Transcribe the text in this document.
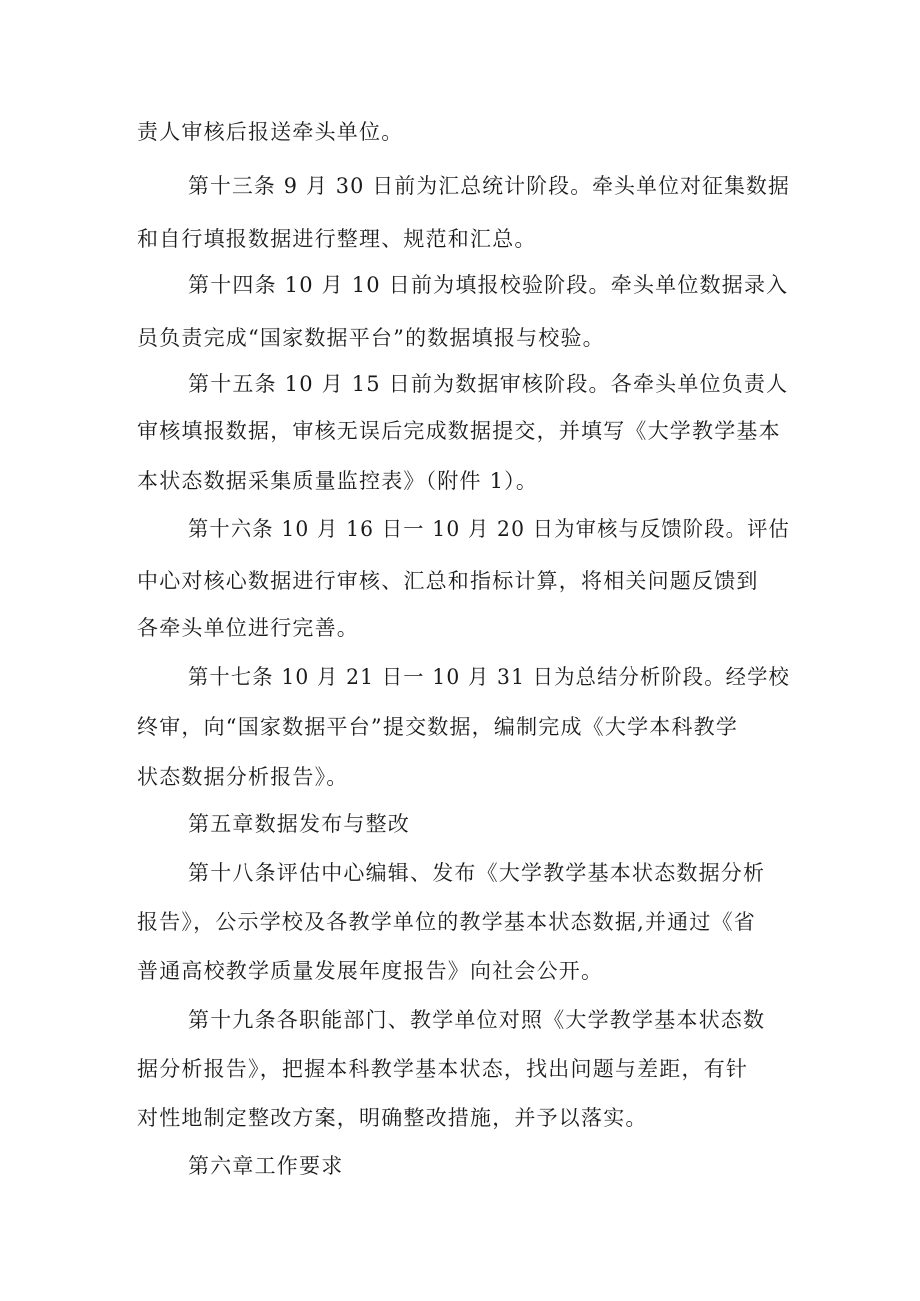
责人审核后报送牵头单位。
第十三条 9 月 30 日前为汇总统计阶段。牵头单位对征集数据
和自行填报数据进行整理、规范和汇总。
第十四条 10 月 10 日前为填报校验阶段。牵头单位数据录入
员负责完成“国家数据平台”的数据填报与校验。
第十五条 10 月 15 日前为数据审核阶段。各牵头单位负责人
审核填报数据，审核无误后完成数据提交，并填写《大学教学基本
本状态数据采集质量监控表》（附件 1）。
第十六条 10 月 16 日一 10 月 20 日为审核与反馈阶段。评估
中心对核心数据进行审核、汇总和指标计算，将相关问题反馈到
各牵头单位进行完善。
第十七条 10 月 21 日一 10 月 31 日为总结分析阶段。经学校
终审，向“国家数据平台”提交数据，编制完成《大学本科教学
状态数据分析报告》。
第五章数据发布与整改
第十八条评估中心编辑、发布《大学教学基本状态数据分析
报告》，公示学校及各教学单位的教学基本状态数据,并通过《省
普通高校教学质量发展年度报告》向社会公开。
第十九条各职能部门、教学单位对照《大学教学基本状态数
据分析报告》，把握本科教学基本状态，找出问题与差距，有针
对性地制定整改方案，明确整改措施，并予以落实。
第六章工作要求
